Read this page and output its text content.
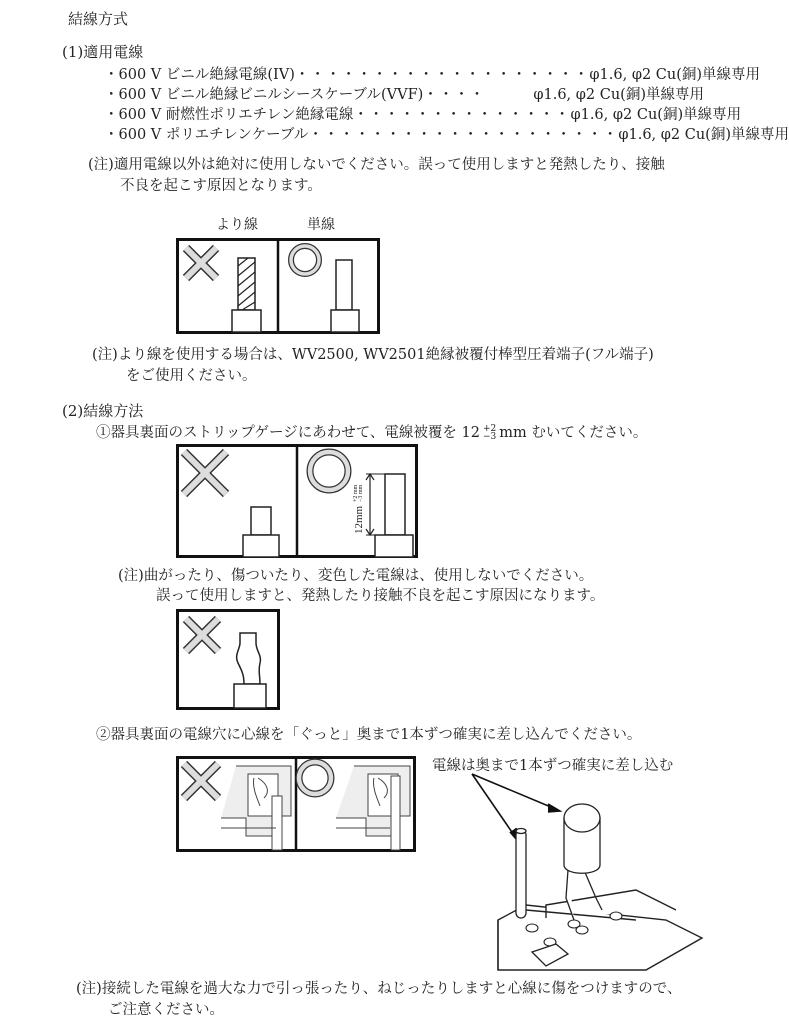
結線方式
(1)適用電線
・600 V ビニル絶縁電線(IV) ・・・・・・・・・・・・・・・・・・・ φ1.6, φ2 Cu(銅)単線専用
・600 V ビニル絶縁ビニルシースケーブル(VVF) ・・・・	φ1.6, φ2 Cu(銅)単線専用
・600 V 耐燃性ポリエチレン絶縁電線 ・・・・・・・・・・・・・・ φ1.6, φ2 Cu(銅)単線専用
・600 V ポリエチレンケーブル ・・・・・・・・・・・・・・・・・・・・ φ1.6, φ2 Cu(銅)単線専用
(注)適用電線以外は絶対に使用しないでください。誤って使用しますと発熱したり、接触
不良を起こす原因となります。
より線	単線
(注)より線を使用する場合は、WV2500, WV2501絶縁被覆付棒型圧着端子(フル端子)
をご使用ください。
(2)結線方法
①器具裏面のストリップゲージにあわせて、電線被覆を 12 +2
−3 mm むいてください。
12mm
+2 mm −3 mm
(注)曲がったり、傷ついたり、変色した電線は、使用しないでください。
誤って使用しますと、発熱したり接触不良を起こす原因になります。
②器具裏面の電線穴に心線を「ぐっと」奥まで1本ずつ確実に差し込んでください。
電線は奥まで1本ずつ確実に差し込む
(注)接続した電線を過大な力で引っ張ったり、ねじったりしますと心線に傷をつけますので、
ご注意ください。
